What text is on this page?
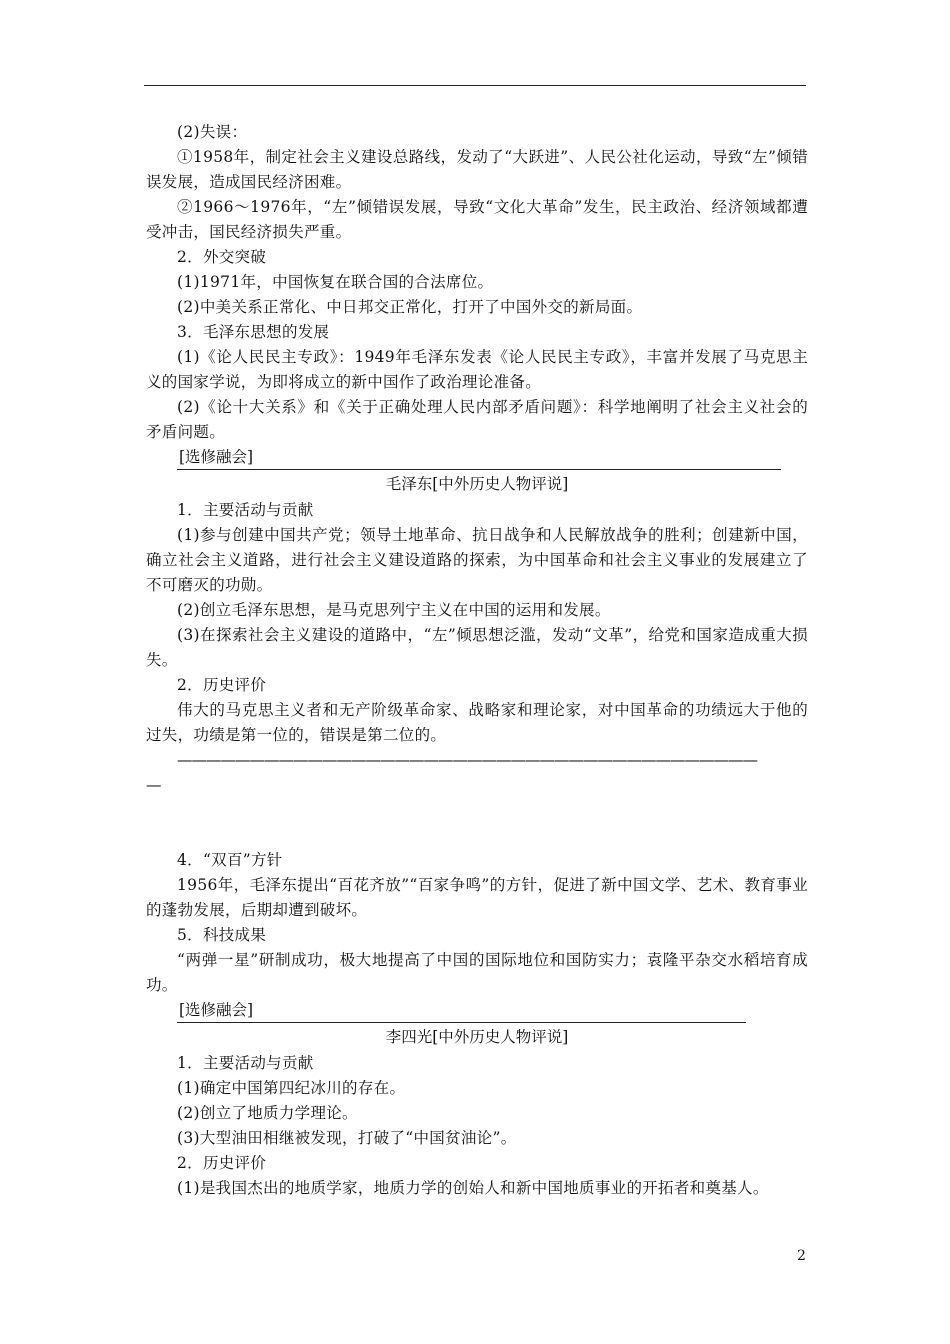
(2)失误：

①1958年，制定社会主义建设总路线，发动了“大跃进”、人民公社化运动，导致“左”倾错误发展，造成国民经济困难。

②1966～1976年，“左”倾错误发展，导致“文化大革命”发生，民主政治、经济领域都遭受冲击，国民经济损失严重。

2．外交突破

(1)1971年，中国恢复在联合国的合法席位。

(2)中美关系正常化、中日邦交正常化，打开了中国外交的新局面。

3．毛泽东思想的发展

(1)《论人民民主专政》：1949年毛泽东发表《论人民民主专政》，丰富并发展了马克思主义的国家学说，为即将成立的新中国作了政治理论准备。

(2)《论十大关系》和《关于正确处理人民内部矛盾问题》：科学地阐明了社会主义社会的矛盾问题。

[选修融会]

毛泽东[中外历史人物评说]

1．主要活动与贡献

(1)参与创建中国共产党；领导土地革命、抗日战争和人民解放战争的胜利；创建新中国，确立社会主义道路，进行社会主义建设道路的探索，为中国革命和社会主义事业的发展建立了不可磨灭的功勋。

(2)创立毛泽东思想，是马克思列宁主义在中国的运用和发展。

(3)在探索社会主义建设的道路中，“左”倾思想泛滥，发动“文革”，给党和国家造成重大损失。

2．历史评价

伟大的马克思主义者和无产阶级革命家、战略家和理论家，对中国革命的功绩远大于他的过失，功绩是第一位的，错误是第二位的。

————————————————————————————————————————

—

4．“双百”方针

1956年，毛泽东提出“百花齐放”“百家争鸣”的方针，促进了新中国文学、艺术、教育事业的蓬勃发展，后期却遭到破坏。

5．科技成果

“两弹一星”研制成功，极大地提高了中国的国际地位和国防实力；袁隆平杂交水稻培育成功。

[选修融会]

李四光[中外历史人物评说]

1．主要活动与贡献

(1)确定中国第四纪冰川的存在。

(2)创立了地质力学理论。

(3)大型油田相继被发现，打破了“中国贫油论”。

2．历史评价

(1)是我国杰出的地质学家，地质力学的创始人和新中国地质事业的开拓者和奠基人。

2
